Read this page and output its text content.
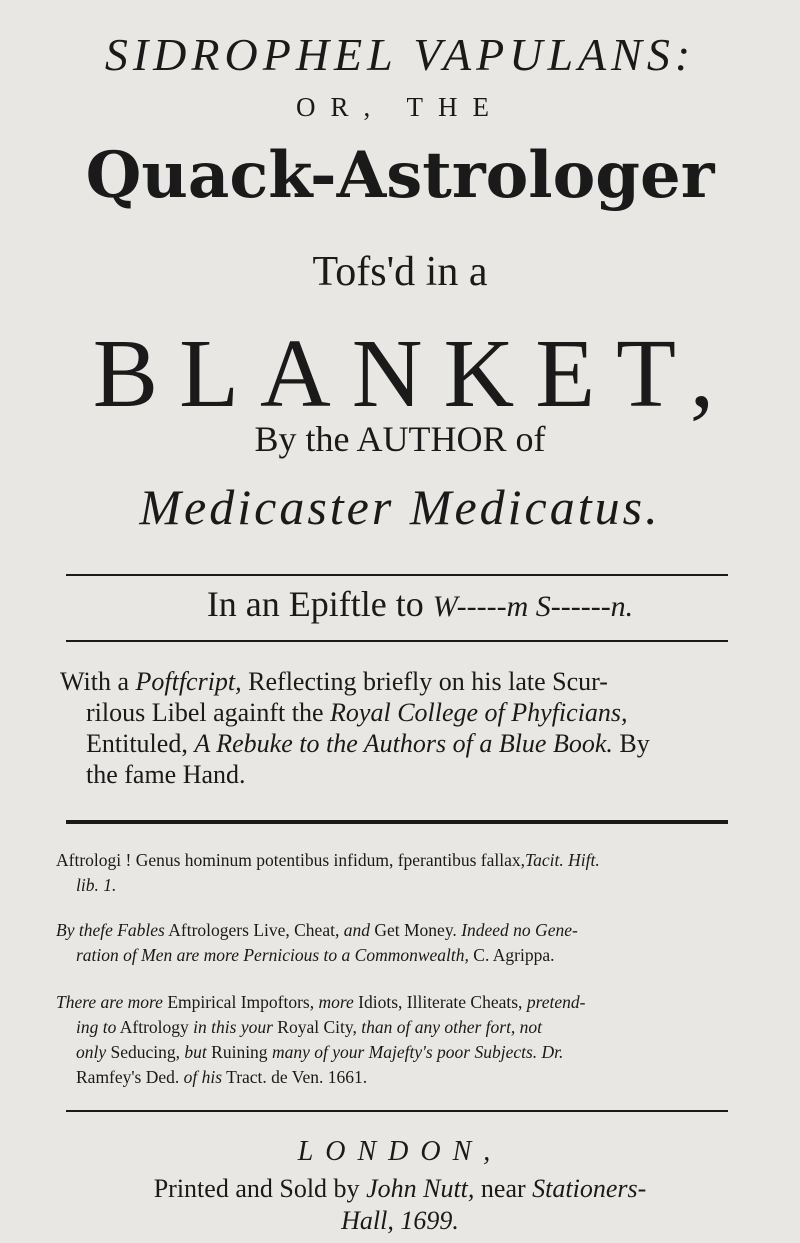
SIDROPHEL VAPULANS:
OR, THE
Quack-Astrologer
Tofs'd in a
BLANKET,
By the AUTHOR of
Medicaster Medicatus.
In an Epiftle to W-----m S------n.
With a Poftfcript, Reflecting briefly on his late Scur-
rilous Libel againft the Royal College of Phyficians,
Entituled, A Rebuke to the Authors of a Blue Book. By
the fame Hand.
Aftrologi ! Genus hominum potentibus infidum, fperantibus fallax,Tacit. Hift.
lib. 1.
By thefe Fables Aftrologers Live, Cheat, and Get Money. Indeed no Gene-
ration of Men are more Pernicious to a Commonwealth, C. Agrippa.
There are more Empirical Impoftors, more Idiots, Illiterate Cheats, pretend-
ing to Aftrology in this your Royal City, than of any other fort, not
only Seducing, but Ruining many of your Majefty's poor Subjects. Dr.
Ramfey's Ded. of his Tract. de Ven. 1661.
LONDON,
Printed and Sold by John Nutt, near Stationers-
Hall, 1699.
